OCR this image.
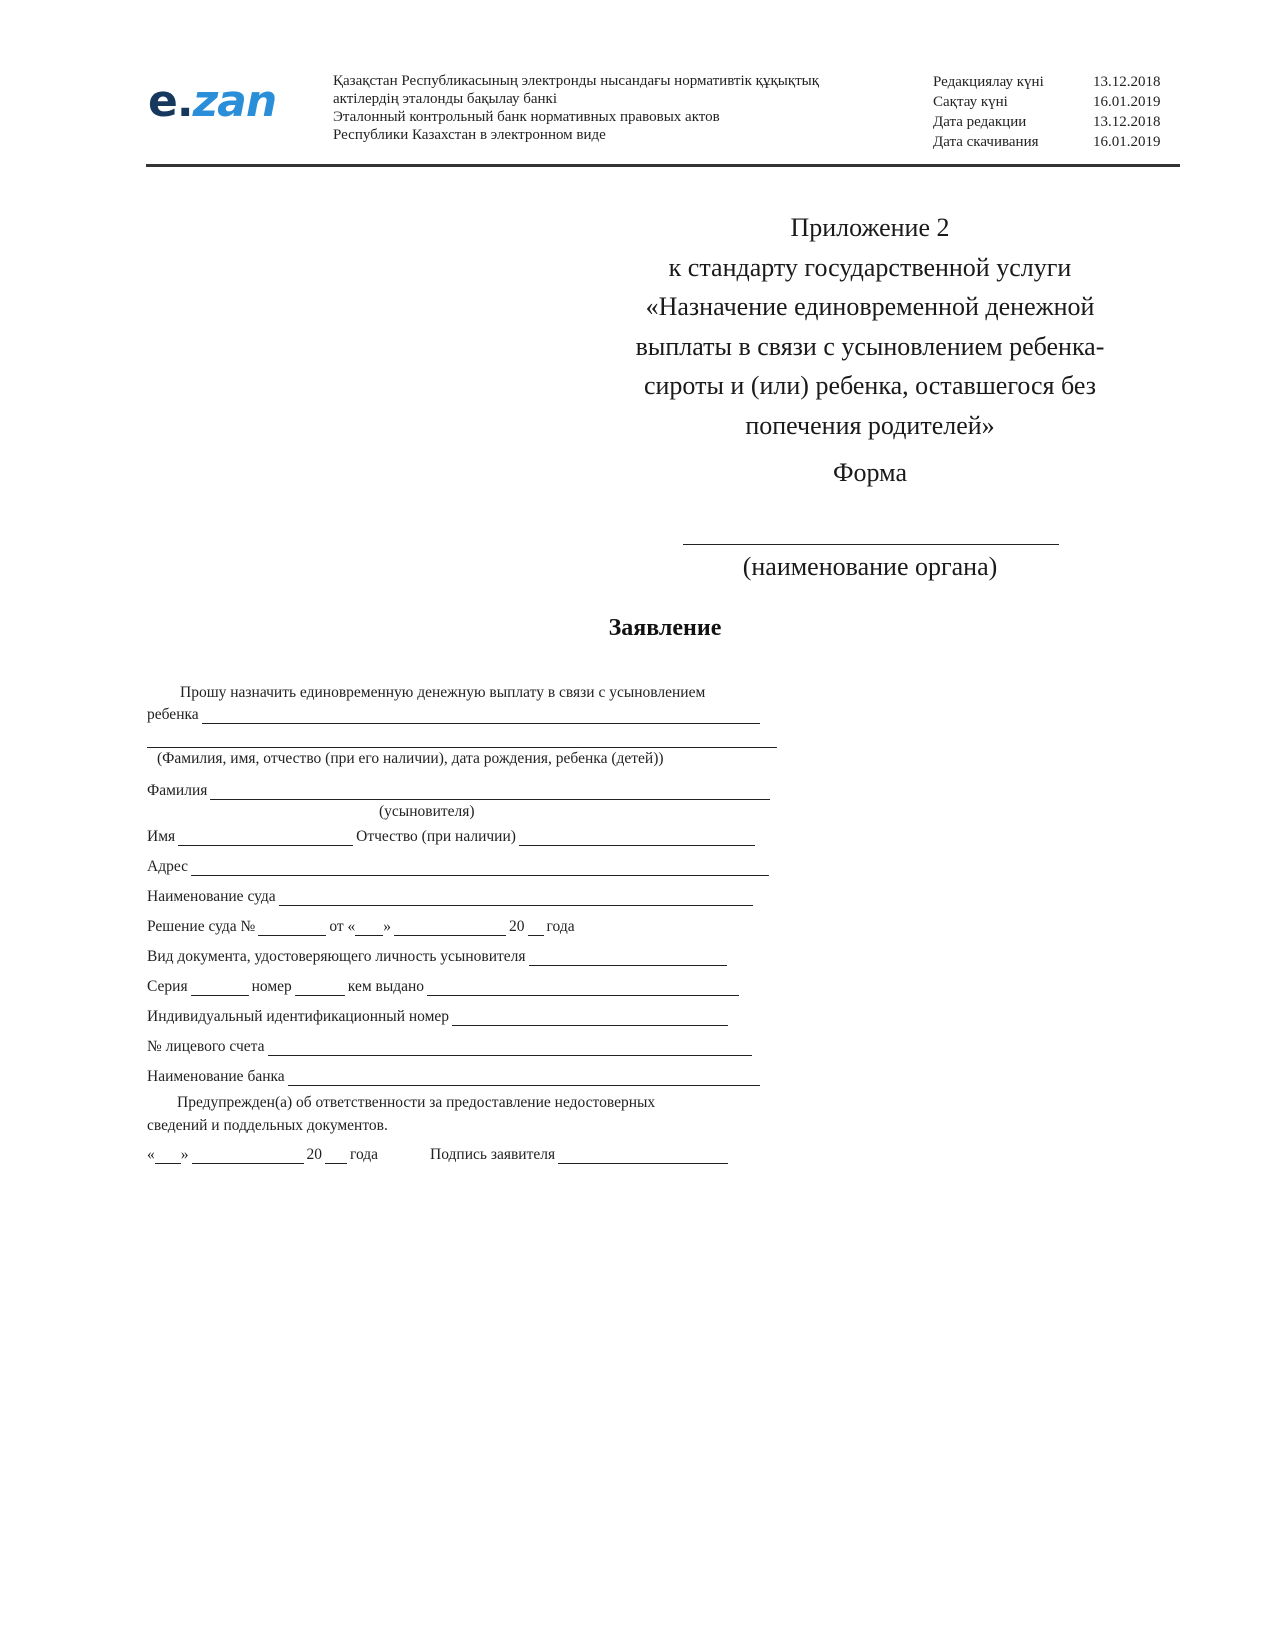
e.zan	Қазақстан Республикасының электронды нысандағы нормативтік құқықтық
актілердің эталонды бақылау банкі
Эталонный контрольный банк нормативных правовых актов
Республики Казахстан в электронном виде
Редакциялау күні	13.12.2018
Сақтау күні	16.01.2019
Дата редакции	13.12.2018
Дата скачивания	16.01.2019
Приложение 2
к стандарту государственной услуги
«Назначение единовременной денежной
выплаты в связи с усыновлением ребенка-
сироты и (или) ребенка, оставшегося без
попечения родителей»
Форма
(наименование органа)
Заявление
Прошу назначить единовременную денежную выплату в связи с усыновлением
ребенка
(Фамилия, имя, отчество (при его наличии), дата рождения, ребенка (детей))
Фамилия
(усыновителя)
Имя	Отчество (при наличии)
Адрес
Наименование суда
Решение суда №	от « »	20 года
Вид документа, удостоверяющего личность усыновителя
Серия	номер	кем выдано
Индивидуальный идентификационный номер
№ лицевого счета
Наименование банка
Предупрежден(а) об ответственности за предоставление недостоверных
сведений и поддельных документов.
« »	20 года	Подпись заявителя
